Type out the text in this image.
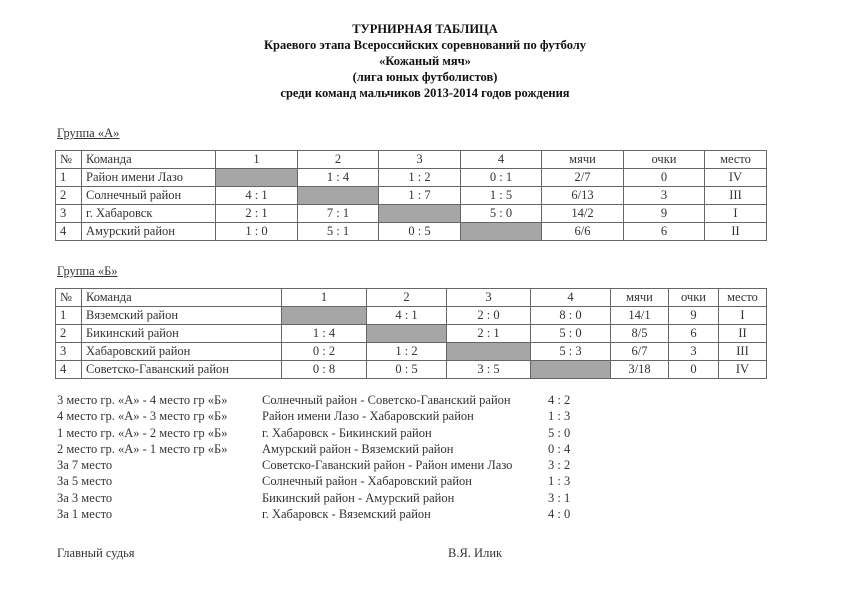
ТУРНИРНАЯ ТАБЛИЦА
Краевого этапа Всероссийских соревнований по футболу
«Кожаный мяч»
(лига юных футболистов)
среди команд мальчиков 2013-2014 годов рождения
Группа «А»
№	Команда	1	2	3	4	мячи	очки	место
1	Район имени Лазо		1 : 4	1 : 2	0 : 1	2/7	0	IV
2	Солнечный район	4 : 1		1 : 7	1 : 5	6/13	3	III
3	г. Хабаровск	2 : 1	7 : 1		5 : 0	14/2	9	I
4	Амурский район	1 : 0	5 : 1	0 : 5		6/6	6	II
Группа «Б»
№	Команда	1	2	3	4	мячи	очки	место
1	Вяземский район		4 : 1	2 : 0	8 : 0	14/1	9	I
2	Бикинский район	1 : 4		2 : 1	5 : 0	8/5	6	II
3	Хабаровский район	0 : 2	1 : 2		5 : 3	6/7	3	III
4	Советско-Гаванский район	0 : 8	0 : 5	3 : 5		3/18	0	IV
3 место гр. «А» - 4 место гр «Б»	Солнечный район - Советско-Гаванский район	4 : 2
4 место гр. «А» - 3 место гр «Б»	Район имени Лазо - Хабаровский район	1 : 3
1 место гр. «А» - 2 место гр «Б»	г. Хабаровск - Бикинский район	5 : 0
2 место гр. «А» - 1 место гр «Б»	Амурский район - Вяземский район	0 : 4
За 7 место	Советско-Гаванский район - Район имени Лазо	3 : 2
За 5 место	Солнечный район - Хабаровский район	1 : 3
За 3 место	Бикинский район - Амурский район	3 : 1
За 1 место	г. Хабаровск - Вяземский район	4 : 0
Главный судья	В.Я. Илик
